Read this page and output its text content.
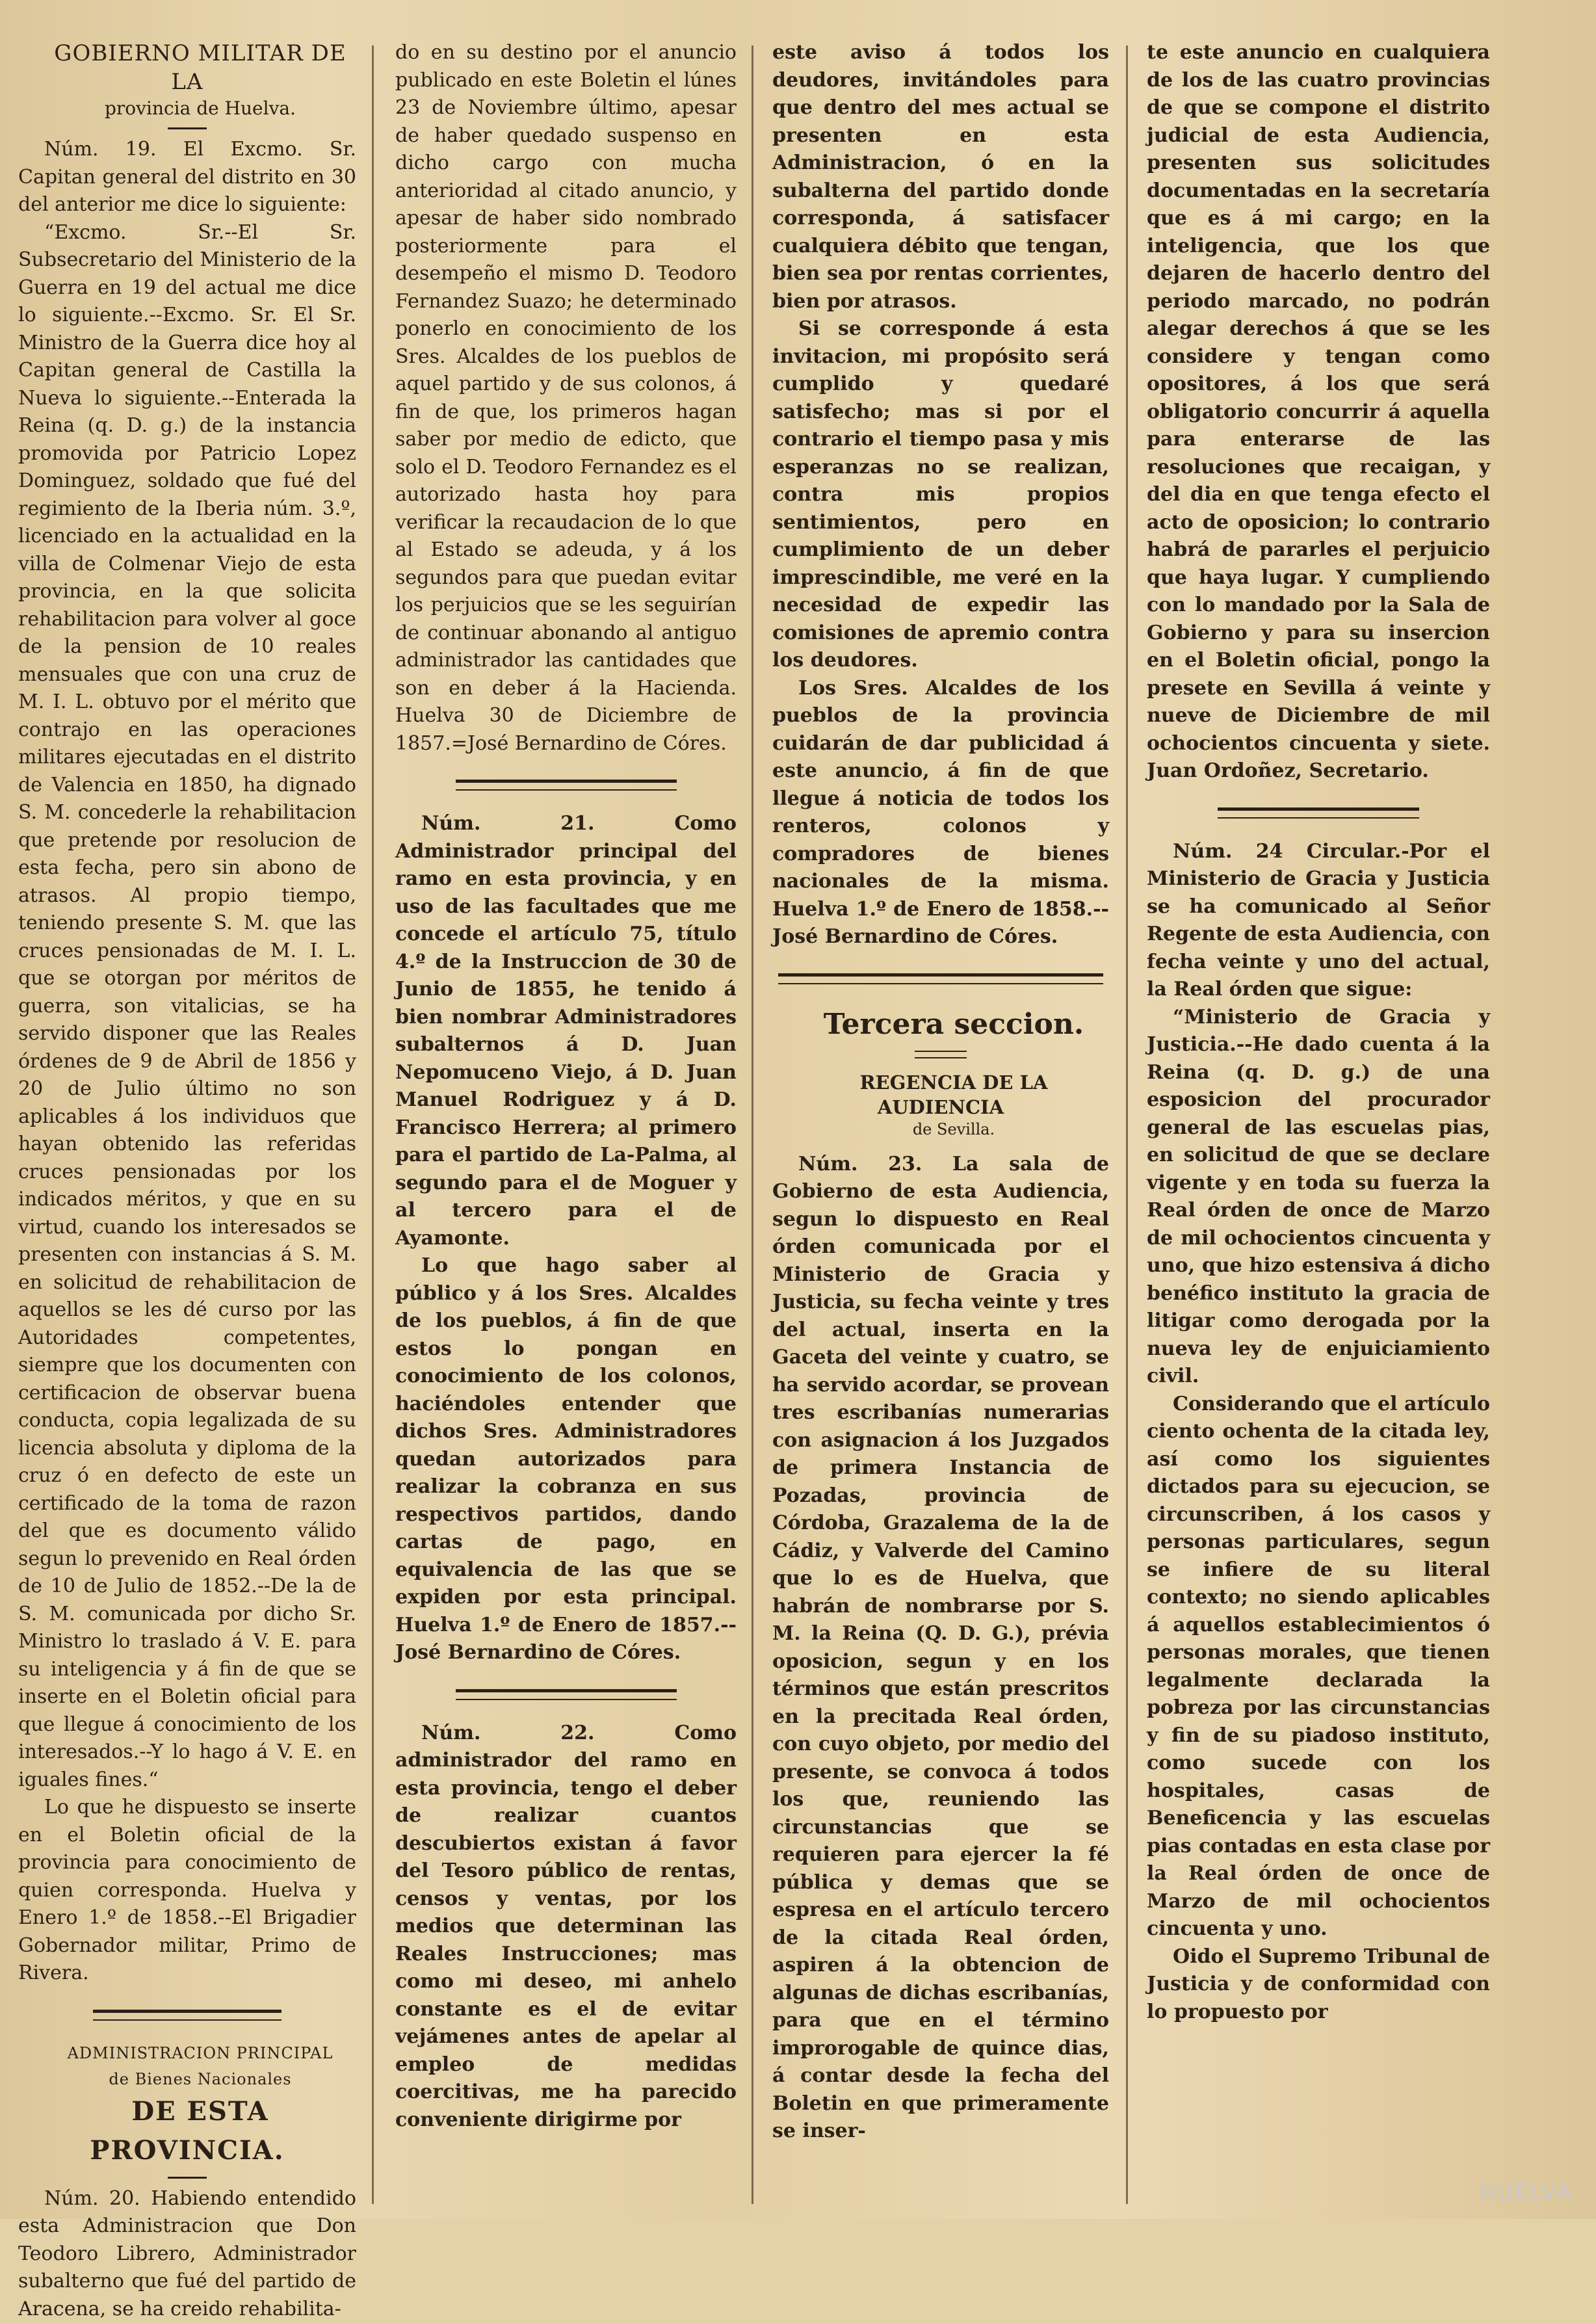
GOBIERNO MILITAR DE LA

provincia de Huelva.

Núm. 19. El Excmo. Sr. Capitan general del distrito en 30 del anterior me dice lo siguiente:

“Excmo. Sr.--El Sr. Subsecretario del Ministerio de la Guerra en 19 del actual me dice lo siguiente.--Excmo. Sr. El Sr. Ministro de la Guerra dice hoy al Capitan general de Castilla la Nueva lo siguiente.--Enterada la Reina (q. D. g.) de la instancia promovida por Patricio Lopez Dominguez, soldado que fué del regimiento de la Iberia núm. 3.º, licenciado en la actualidad en la villa de Colmenar Viejo de esta provincia, en la que solicita rehabilitacion para volver al goce de la pension de 10 reales mensuales que con una cruz de M. I. L. obtuvo por el mérito que contrajo en las operaciones militares ejecutadas en el distrito de Valencia en 1850, ha dignado S. M. concederle la rehabilitacion que pretende por resolucion de esta fecha, pero sin abono de atrasos. Al propio tiempo, teniendo presente S. M. que las cruces pensionadas de M. I. L. que se otorgan por méritos de guerra, son vitalicias, se ha servido disponer que las Reales órdenes de 9 de Abril de 1856 y 20 de Julio último no son aplicables á los individuos que hayan obtenido las referidas cruces pensionadas por los indicados méritos, y que en su virtud, cuando los interesados se presenten con instancias á S. M. en solicitud de rehabilitacion de aquellos se les dé curso por las Autoridades competentes, siempre que los documenten con certificacion de observar buena conducta, copia legalizada de su licencia absoluta y diploma de la cruz ó en defecto de este un certificado de la toma de razon del que es documento válido segun lo prevenido en Real órden de 10 de Julio de 1852.--De la de S. M. comunicada por dicho Sr. Ministro lo traslado á V. E. para su inteligencia y á fin de que se inserte en el Boletin oficial para que llegue á conocimiento de los interesados.--Y lo hago á V. E. en iguales fines.“

Lo que he dispuesto se inserte en el Boletin oficial de la provincia para conocimiento de quien corresponda. Huelva y Enero 1.º de 1858.--El Brigadier Gobernador militar, Primo de Rivera.

ADMINISTRACION PRINCIPAL

de Bienes Nacionales

DE ESTA PROVINCIA.

Núm. 20. Habiendo entendido esta Administracion que Don Teodoro Librero, Administrador subalterno que fué del partido de Aracena, se ha creido rehabilita-

do en su destino por el anuncio publicado en este Boletin el lúnes 23 de Noviembre último, apesar de haber quedado suspenso en dicho cargo con mucha anterioridad al citado anuncio, y apesar de haber sido nombrado posteriormente para el desempeño el mismo D. Teodoro Fernandez Suazo; he determinado ponerlo en conocimiento de los Sres. Alcaldes de los pueblos de aquel partido y de sus colonos, á fin de que, los primeros hagan saber por medio de edicto, que solo el D. Teodoro Fernandez es el autorizado hasta hoy para verificar la recaudacion de lo que al Estado se adeuda, y á los segundos para que puedan evitar los perjuicios que se les seguirían de continuar abonando al antiguo administrador las cantidades que son en deber á la Hacienda. Huelva 30 de Diciembre de 1857.=José Bernardino de Córes.

Núm. 21. Como Administrador principal del ramo en esta provincia, y en uso de las facultades que me concede el artículo 75, título 4.º de la Instruccion de 30 de Junio de 1855, he tenido á bien nombrar Administradores subalternos á D. Juan Nepomuceno Viejo, á D. Juan Manuel Rodriguez y á D. Francisco Herrera; al primero para el partido de La-Palma, al segundo para el de Moguer y al tercero para el de Ayamonte.

Lo que hago saber al público y á los Sres. Alcaldes de los pueblos, á fin de que estos lo pongan en conocimiento de los colonos, haciéndoles entender que dichos Sres. Administradores quedan autorizados para realizar la cobranza en sus respectivos partidos, dando cartas de pago, en equivalencia de las que se expiden por esta principal. Huelva 1.º de Enero de 1857.--José Bernardino de Córes.

Núm. 22. Como administrador del ramo en esta provincia, tengo el deber de realizar cuantos descubiertos existan á favor del Tesoro público de rentas, censos y ventas, por los medios que determinan las Reales Instrucciones; mas como mi deseo, mi anhelo constante es el de evitar vejámenes antes de apelar al empleo de medidas coercitivas, me ha parecido conveniente dirigirme por

este aviso á todos los deudores, invitándoles para que dentro del mes actual se presenten en esta Administracion, ó en la subalterna del partido donde corresponda, á satisfacer cualquiera débito que tengan, bien sea por rentas corrientes, bien por atrasos.

Si se corresponde á esta invitacion, mi propósito será cumplido y quedaré satisfecho; mas si por el contrario el tiempo pasa y mis esperanzas no se realizan, contra mis propios sentimientos, pero en cumplimiento de un deber imprescindible, me veré en la necesidad de expedir las comisiones de apremio contra los deudores.

Los Sres. Alcaldes de los pueblos de la provincia cuidarán de dar publicidad á este anuncio, á fin de que llegue á noticia de todos los renteros, colonos y compradores de bienes nacionales de la misma. Huelva 1.º de Enero de 1858.--José Bernardino de Córes.

Tercera seccion.

REGENCIA DE LA AUDIENCIA

de Sevilla.

Núm. 23. La sala de Gobierno de esta Audiencia, segun lo dispuesto en Real órden comunicada por el Ministerio de Gracia y Justicia, su fecha veinte y tres del actual, inserta en la Gaceta del veinte y cuatro, se ha servido acordar, se provean tres escribanías numerarias con asignacion á los Juzgados de primera Instancia de Pozadas, provincia de Córdoba, Grazalema de la de Cádiz, y Valverde del Camino que lo es de Huelva, que habrán de nombrarse por S. M. la Reina (Q. D. G.), prévia oposicion, segun y en los términos que están prescritos en la precitada Real órden, con cuyo objeto, por medio del presente, se convoca á todos los que, reuniendo las circunstancias que se requieren para ejercer la fé pública y demas que se espresa en el artículo tercero de la citada Real órden, aspiren á la obtencion de algunas de dichas escribanías, para que en el término improrogable de quince dias, á contar desde la fecha del Boletin en que primeramente se inser-

te este anuncio en cualquiera de los de las cuatro provincias de que se compone el distrito judicial de esta Audiencia, presenten sus solicitudes documentadas en la secretaría que es á mi cargo; en la inteligencia, que los que dejaren de hacerlo dentro del periodo marcado, no podrán alegar derechos á que se les considere y tengan como opositores, á los que será obligatorio concurrir á aquella para enterarse de las resoluciones que recaigan, y del dia en que tenga efecto el acto de oposicion; lo contrario habrá de pararles el perjuicio que haya lugar. Y cumpliendo con lo mandado por la Sala de Gobierno y para su insercion en el Boletin oficial, pongo la presete en Sevilla á veinte y nueve de Diciembre de mil ochocientos cincuenta y siete. Juan Ordoñez, Secretario.

Núm. 24 Circular.-Por el Ministerio de Gracia y Justicia se ha comunicado al Señor Regente de esta Audiencia, con fecha veinte y uno del actual, la Real órden que sigue:

“Ministerio de Gracia y Justicia.--He dado cuenta á la Reina (q. D. g.) de una esposicion del procurador general de las escuelas pias, en solicitud de que se declare vigente y en toda su fuerza la Real órden de once de Marzo de mil ochocientos cincuenta y uno, que hizo estensiva á dicho benéfico instituto la gracia de litigar como derogada por la nueva ley de enjuiciamiento civil.

Considerando que el artículo ciento ochenta de la citada ley, así como los siguientes dictados para su ejecucion, se circunscriben, á los casos y personas particulares, segun se infiere de su literal contexto; no siendo aplicables á aquellos establecimientos ó personas morales, que tienen legalmente declarada la pobreza por las circunstancias y fin de su piadoso instituto, como sucede con los hospitales, casas de Beneficencia y las escuelas pias contadas en esta clase por la Real órden de once de Marzo de mil ochocientos cincuenta y uno.

Oido el Supremo Tribunal de Justicia y de conformidad con lo propuesto por

HUELVA
